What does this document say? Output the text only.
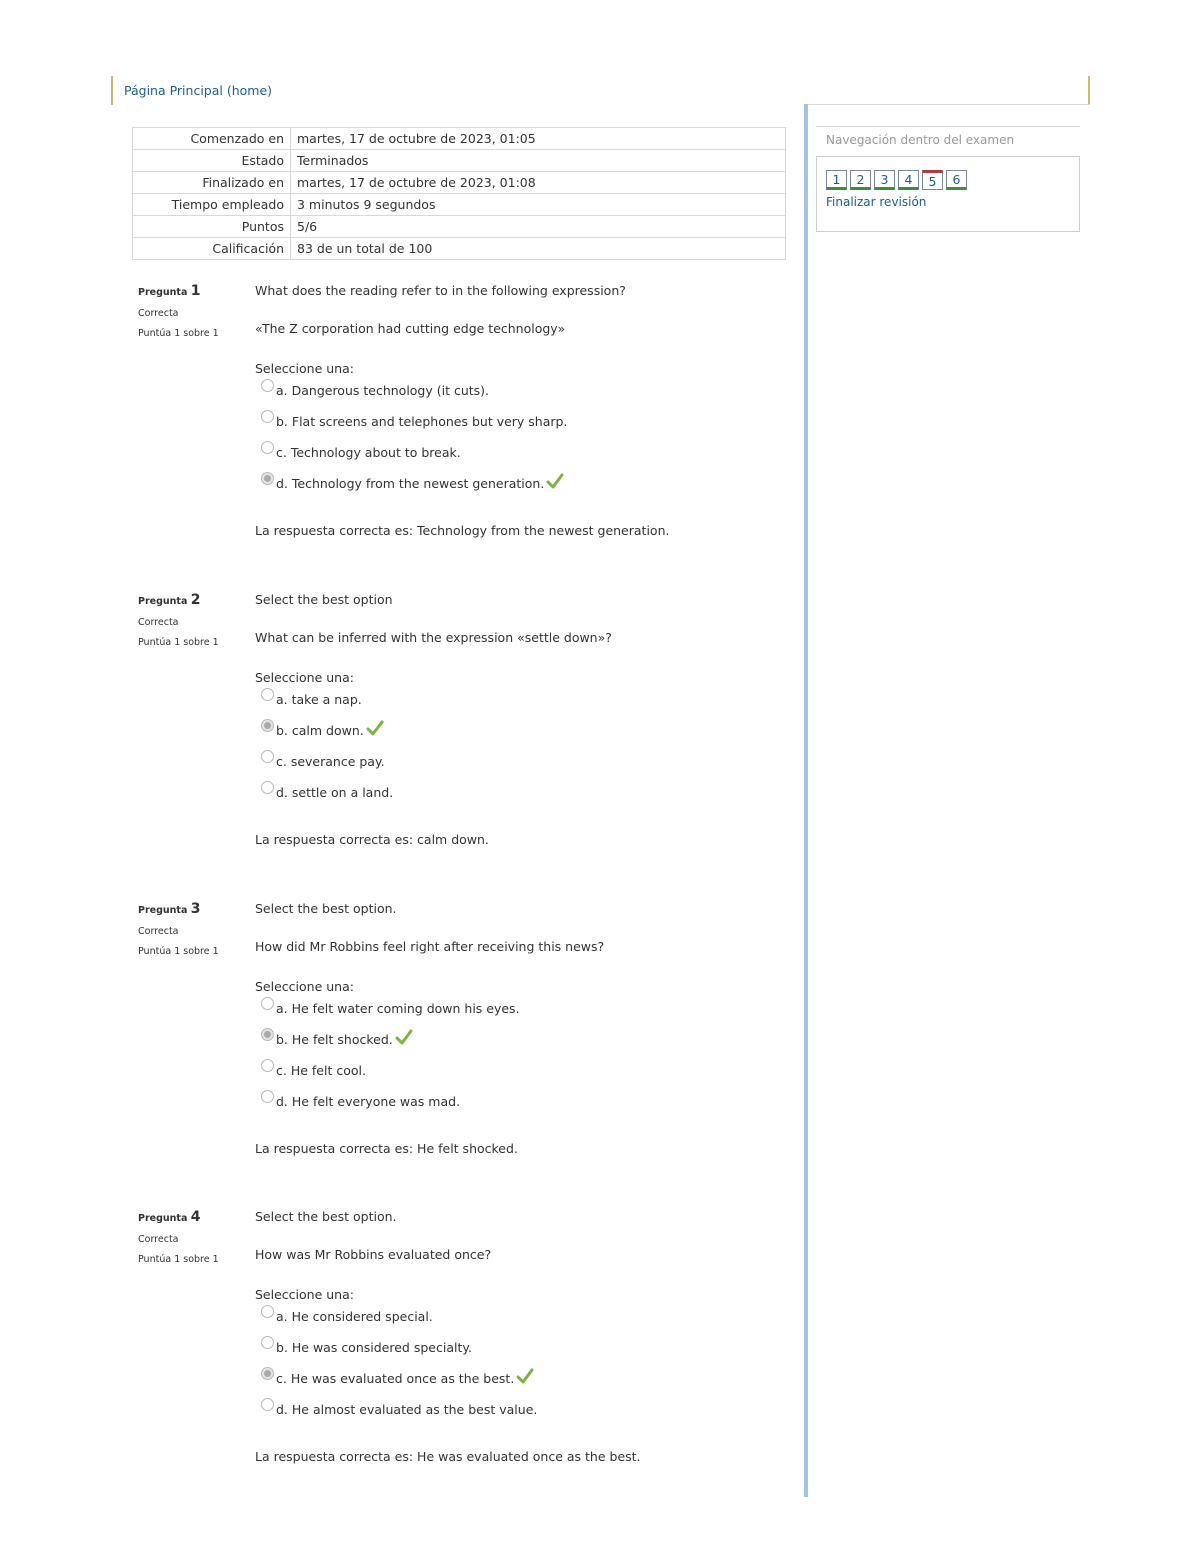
Página Principal (home)
Navegación dentro del examen
1	2	3	4	5	6
Finalizar revisión
Comenzado en	martes, 17 de octubre de 2023, 01:05
Estado	Terminados
Finalizado en	martes, 17 de octubre de 2023, 01:08
Tiempo empleado	3 minutos 9 segundos
Puntos	5/6
Calificación	83 de un total de 100
Pregunta 1
Correcta
Puntúa 1 sobre 1
What does the reading refer to in the following expression?
«The Z corporation had cutting edge technology»
Seleccione una:
a. Dangerous technology (it cuts).
b. Flat screens and telephones but very sharp.
c. Technology about to break.
d. Technology from the newest generation.
La respuesta correcta es: Technology from the newest generation.
Pregunta 2
Correcta
Puntúa 1 sobre 1
Select the best option
What can be inferred with the expression «settle down»?
Seleccione una:
a. take a nap.
b. calm down.
c. severance pay.
d. settle on a land.
La respuesta correcta es: calm down.
Pregunta 3
Correcta
Puntúa 1 sobre 1
Select the best option.
How did Mr Robbins feel right after receiving this news?
Seleccione una:
a. He felt water coming down his eyes.
b. He felt shocked.
c. He felt cool.
d. He felt everyone was mad.
La respuesta correcta es: He felt shocked.
Pregunta 4
Correcta
Puntúa 1 sobre 1
Select the best option.
How was Mr Robbins evaluated once?
Seleccione una:
a. He considered special.
b. He was considered specialty.
c. He was evaluated once as the best.
d. He almost evaluated as the best value.
La respuesta correcta es: He was evaluated once as the best.
